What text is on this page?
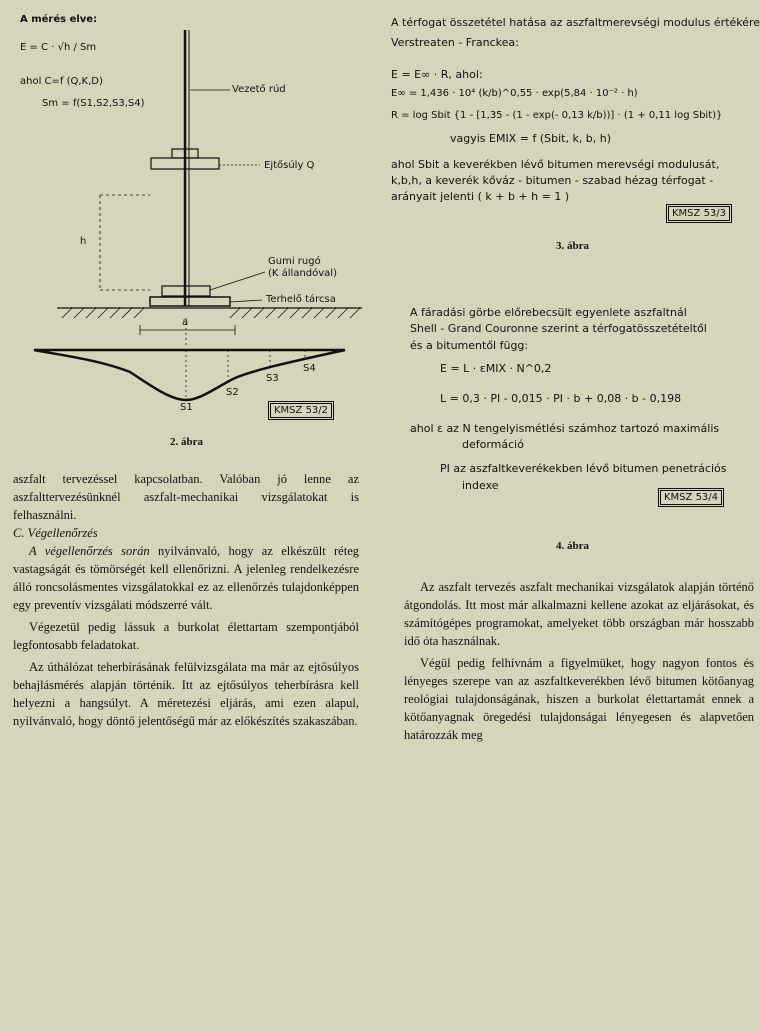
A mérés elve:
E = C · √h / Sm
ahol C=f (Q,K,D)
Sm = f(S1,S2,S3,S4)
Vezető rúd
Ejtősúly Q
h
Gumi rugó
(K állandóval)
Terhelő tárcsa
a
S1
S2
S3
S4
KMSZ 53/2
2. ábra
A térfogat összetétel hatása az aszfaltmerevségi modulus értékére
Verstreaten - Franckea:
E = E∞ · R, ahol:
E∞ = 1,436 · 10⁴ (k/b)^0,55 · exp(5,84 · 10⁻² · h)
R = log Sbit {1 - [1,35 - (1 - exp(- 0,13 k/b))] · (1 + 0,11 log Sbit)}
vagyis EMIX = f (Sbit, k, b, h)
ahol Sbit a keverékben lévő bitumen merevségi modulusát,
k,b,h, a keverék kőváz - bitumen - szabad hézag térfogat -
arányait jelenti ( k + b + h = 1 )
KMSZ 53/3
3. ábra
A fáradási görbe előrebecsült egyenlete aszfaltnál
Shell - Grand Couronne szerint a térfogatösszetételtől
és a bitumentől függ:
E = L · εMIX · N^0,2
L = 0,3 · PI - 0,015 · PI · b + 0,08 · b - 0,198
ahol ε az N tengelyismétlési számhoz tartozó maximális
deformáció
PI az aszfaltkeverékekben lévő bitumen penetrációs
indexe
KMSZ 53/4
4. ábra

aszfalt tervezéssel kapcsolatban. Valóban jó lenne az aszfalttervezésünknél aszfalt-mechanikai vizsgálatokat is felhasználni.

C. Végellenőrzés

A végellenőrzés során nyilvánvaló, hogy az elkészült réteg vastagságát és tömörségét kell ellenőrizni. A jelenleg rendelkezésre álló roncsolásmentes vizsgálatokkal ez az ellenőrzés tulajdonképpen egy preventív vizsgálati módszerré vált.

Végezetül pedig lássuk a burkolat élettartam szempontjából legfontosabb feladatokat.

Az úthálózat teherbírásának felülvizsgálata ma már az ejtősúlyos behajlásmérés alapján történik. Itt az ejtősúlyos teherbírásra kell helyezni a hangsúlyt. A méretezési eljárás, ami ezen alapul, nyilvánvaló, hogy döntő jelentőségű már az előkészítés szakaszában.

Az aszfalt tervezés aszfalt mechanikai vizsgálatok alapján történő átgondolás. Itt most már alkalmazni kellene azokat az eljárásokat, és számítógépes programokat, amelyeket több országban már hosszabb idő óta használnak.

Végül pedig felhívnám a figyelmüket, hogy nagyon fontos és lényeges szerepe van az aszfaltkeverékben lévő bitumen kötőanyag reológiai tulajdonságának, hiszen a burkolat élettartamát ennek a kötőanyagnak öregedési tulajdonságai lényegesen és alapvetően határozzák meg
